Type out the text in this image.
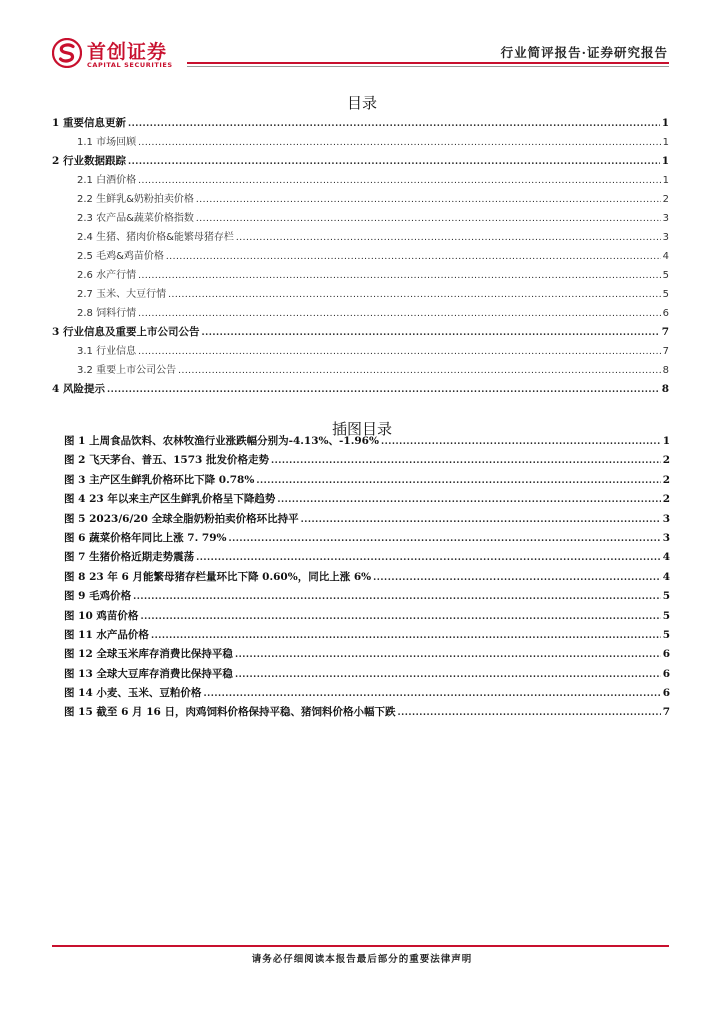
首创证券
CAPITAL SECURITIES
行业简评报告·证券研究报告
目录
1 重要信息更新 .....	1
1.1 市场回顾 .....	1
2 行业数据跟踪 .....	1
2.1 白酒价格 .....	1
2.2 生鲜乳&奶粉拍卖价格 .....	2
2.3 农产品&蔬菜价格指数 .....	3
2.4 生猪、猪肉价格&能繁母猪存栏 .....	3
2.5 毛鸡&鸡苗价格 .....	4
2.6 水产行情 .....	5
2.7 玉米、大豆行情 .....	5
2.8 饲料行情 .....	6
3 行业信息及重要上市公司公告 .....	7
3.1 行业信息 .....	7
3.2 重要上市公司公告 .....	8
4 风险提示 .....	8
插图目录
图 1 上周食品饮料、农林牧渔行业涨跌幅分别为-4.13%、-1.96% .....	1
图 2 飞天茅台、普五、1573 批发价格走势 .....	2
图 3 主产区生鲜乳价格环比下降 0.78% .....	2
图 4 23 年以来主产区生鲜乳价格呈下降趋势 .....	2
图 5 2023/6/20 全球全脂奶粉拍卖价格环比持平 .....	3
图 6 蔬菜价格年同比上涨 7. 79% .....	3
图 7 生猪价格近期走势震荡 .....	4
图 8 23 年 6 月能繁母猪存栏量环比下降 0.60%，同比上涨 6% .....	4
图 9 毛鸡价格 .....	5
图 10 鸡苗价格 .....	5
图 11 水产品价格 .....	5
图 12 全球玉米库存消费比保持平稳 .....	6
图 13 全球大豆库存消费比保持平稳 .....	6
图 14 小麦、玉米、豆粕价格 .....	6
图 15 截至 6 月 16 日，肉鸡饲料价格保持平稳、猪饲料价格小幅下跌 .....	7
请务必仔细阅读本报告最后部分的重要法律声明
